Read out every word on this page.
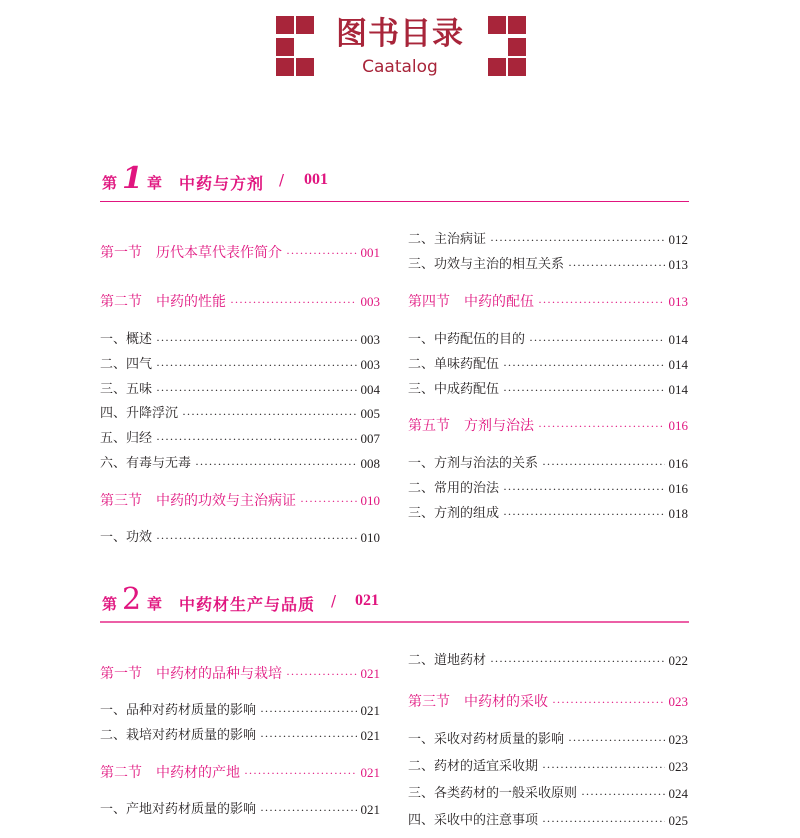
图书目录
Caatalog
第 1 章 中药与方剂 / 001
第一节　历代本草代表作简介 ·····	001
第二节　中药的性能 ·····	003
一、概述 ·····	003
二、四气 ·····	003
三、五味 ·····	004
四、升降浮沉 ·····	005
五、归经 ·····	007
六、有毒与无毒 ·····	008
第三节　中药的功效与主治病证 ·····	010
一、功效 ·····	010
二、主治病证 ·····	012
三、功效与主治的相互关系 ·····	013
第四节　中药的配伍 ·····	013
一、中药配伍的目的 ·····	014
二、单味药配伍 ·····	014
三、中成药配伍 ·····	014
第五节　方剂与治法 ·····	016
一、方剂与治法的关系 ·····	016
二、常用的治法 ·····	016
三、方剂的组成 ·····	018
第 2 章 中药材生产与品质 / 021
第一节　中药材的品种与栽培 ·····	021
一、品种对药材质量的影响 ·····	021
二、栽培对药材质量的影响 ·····	021
第二节　中药材的产地 ·····	021
一、产地对药材质量的影响 ·····	021
二、道地药材 ·····	022
第三节　中药材的采收 ·····	023
一、采收对药材质量的影响 ·····	023
二、药材的适宜采收期 ·····	023
三、各类药材的一般采收原则 ·····	024
四、采收中的注意事项 ·····	025
